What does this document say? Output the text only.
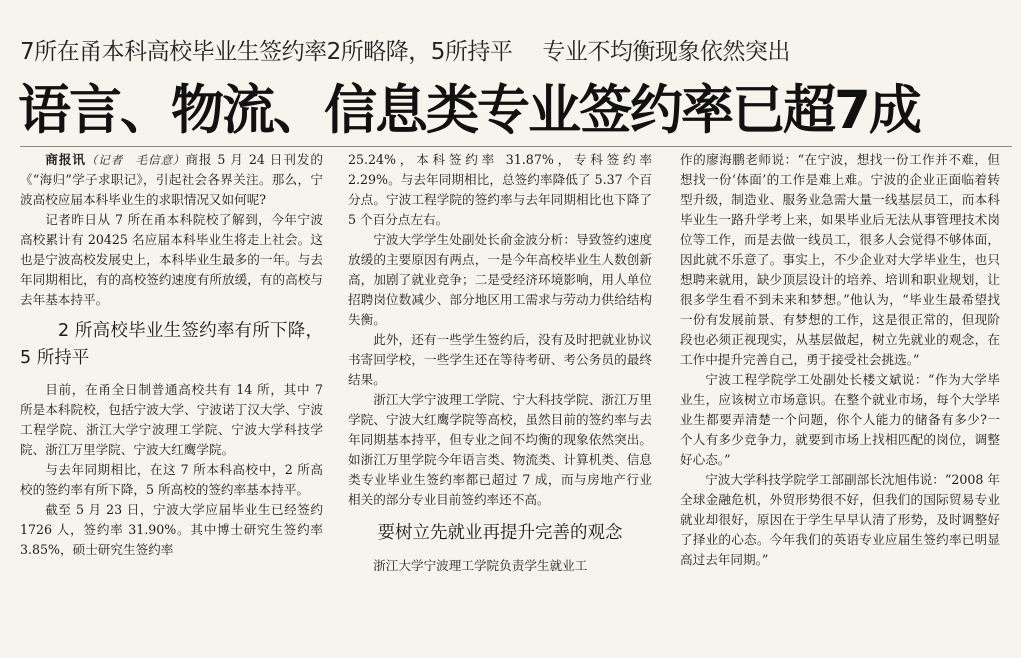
7所在甬本科高校毕业生签约率2所略降，5所持平 专业不均衡现象依然突出
语言、物流、信息类专业签约率已超7成

商报讯（记者　毛信意）商报 5 月 24 日刊发的《“海归”学子求职记》，引起社会各界关注。那么，宁波高校应届本科毕业生的求职情况又如何呢?

记者昨日从 7 所在甬本科院校了解到，今年宁波高校累计有 20425 名应届本科毕业生将走上社会。这也是宁波高校发展史上，本科毕业生最多的一年。与去年同期相比，有的高校签约速度有所放缓，有的高校与去年基本持平。

2 所高校毕业生签约率有所下降，5 所持平

目前，在甬全日制普通高校共有 14 所，其中 7 所是本科院校，包括宁波大学、宁波诺丁汉大学、宁波工程学院、浙江大学宁波理工学院、宁波大学科技学院、浙江万里学院、宁波大红鹰学院。

与去年同期相比，在这 7 所本科高校中，2 所高校的签约率有所下降，5 所高校的签约率基本持平。

截至 5 月 23 日，宁波大学应届毕业生已经签约 1726 人，签约率 31.90%。其中博士研究生签约率 3.85%，硕士研究生签约率

25.24%，本科签约率 31.87%，专科签约率 2.29%。与去年同期相比，总签约率降低了 5.37 个百分点。宁波工程学院的签约率与去年同期相比也下降了 5 个百分点左右。

宁波大学学生处副处长俞金波分析：导致签约速度放缓的主要原因有两点，一是今年高校毕业生人数创新高，加剧了就业竞争；二是受经济环境影响，用人单位招聘岗位数减少、部分地区用工需求与劳动力供给结构失衡。

此外，还有一些学生签约后，没有及时把就业协议书寄回学校，一些学生还在等待考研、考公务员的最终结果。

浙江大学宁波理工学院、宁大科技学院、浙江万里学院、宁波大红鹰学院等高校，虽然目前的签约率与去年同期基本持平，但专业之间不均衡的现象依然突出。如浙江万里学院今年语言类、物流类、计算机类、信息类专业毕业生签约率都已超过 7 成，而与房地产行业相关的部分专业目前签约率还不高。

要树立先就业再提升完善的观念

浙江大学宁波理工学院负责学生就业工

作的廖海鹏老师说：“在宁波，想找一份工作并不难，但想找一份‘体面’的工作是难上难。宁波的企业正面临着转型升级，制造业、服务业急需大量一线基层员工，而本科毕业生一路升学考上来，如果毕业后无法从事管理技术岗位等工作，而是去做一线员工，很多人会觉得不够体面，因此就不乐意了。事实上，不少企业对大学毕业生，也只想聘来就用，缺少顶层设计的培养、培训和职业规划，让很多学生看不到未来和梦想。”他认为，“毕业生最希望找一份有发展前景、有梦想的工作，这是很正常的，但现阶段也必须正视现实，从基层做起，树立先就业的观念，在工作中提升完善自己，勇于接受社会挑选。”

宁波工程学院学工处副处长楼文斌说：“作为大学毕业生，应该树立市场意识。在整个就业市场，每个大学毕业生都要弄清楚一个问题，你个人能力的储备有多少?一个人有多少竞争力，就要到市场上找相匹配的岗位，调整好心态。”

宁波大学科技学院学工部副部长沈旭伟说：“2008 年全球金融危机，外贸形势很不好，但我们的国际贸易专业就业却很好，原因在于学生早早认清了形势，及时调整好了择业的心态。今年我们的英语专业应届生签约率已明显高过去年同期。”
